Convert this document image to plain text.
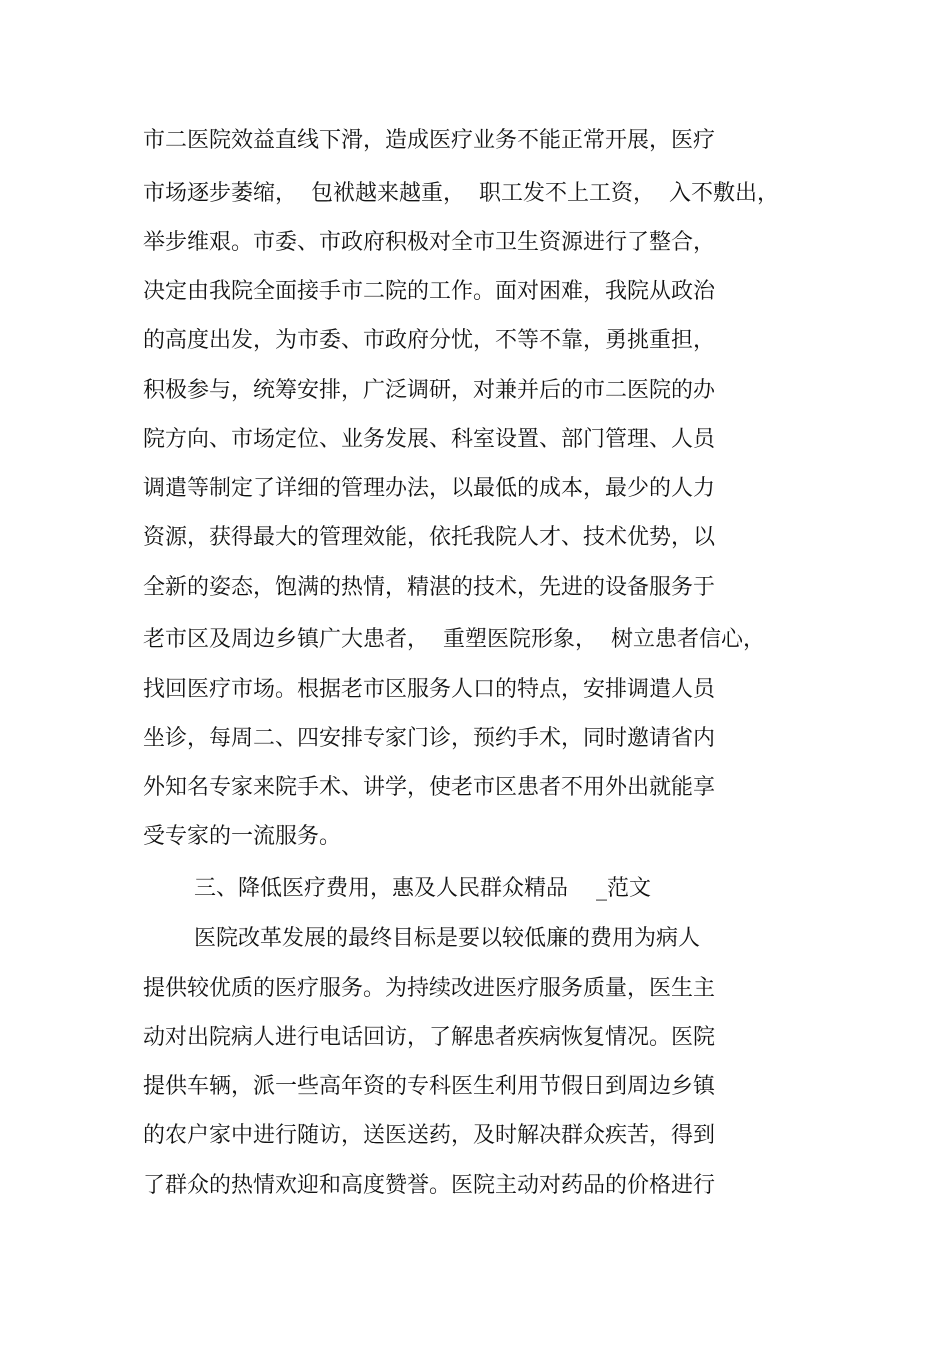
市二医院效益直线下滑，造成医疗业务不能正常开展，医疗
市场逐步萎缩，  包袱越来越重，  职工发不上工资，  入不敷出，
举步维艰。市委、市政府积极对全市卫生资源进行了整合，
决定由我院全面接手市二院的工作。面对困难，我院从政治
的高度出发，为市委、市政府分忧，不等不靠，勇挑重担，
积极参与，统筹安排，广泛调研，对兼并后的市二医院的办
院方向、市场定位、业务发展、科室设置、部门管理、人员
调遣等制定了详细的管理办法，以最低的成本，最少的人力
资源，获得最大的管理效能，依托我院人才、技术优势，以
全新的姿态，饱满的热情，精湛的技术，先进的设备服务于
老市区及周边乡镇广大患者，  重塑医院形象，  树立患者信心，
找回医疗市场。根据老市区服务人口的特点，安排调遣人员
坐诊，每周二、四安排专家门诊，预约手术，同时邀请省内
外知名专家来院手术、讲学，使老市区患者不用外出就能享
受专家的一流服务。
三、降低医疗费用，惠及人民群众精品    _范文
医院改革发展的最终目标是要以较低廉的费用为病人
提供较优质的医疗服务。为持续改进医疗服务质量，医生主
动对出院病人进行电话回访，了解患者疾病恢复情况。医院
提供车辆，派一些高年资的专科医生利用节假日到周边乡镇
的农户家中进行随访，送医送药，及时解决群众疾苦，得到
了群众的热情欢迎和高度赞誉。医院主动对药品的价格进行
